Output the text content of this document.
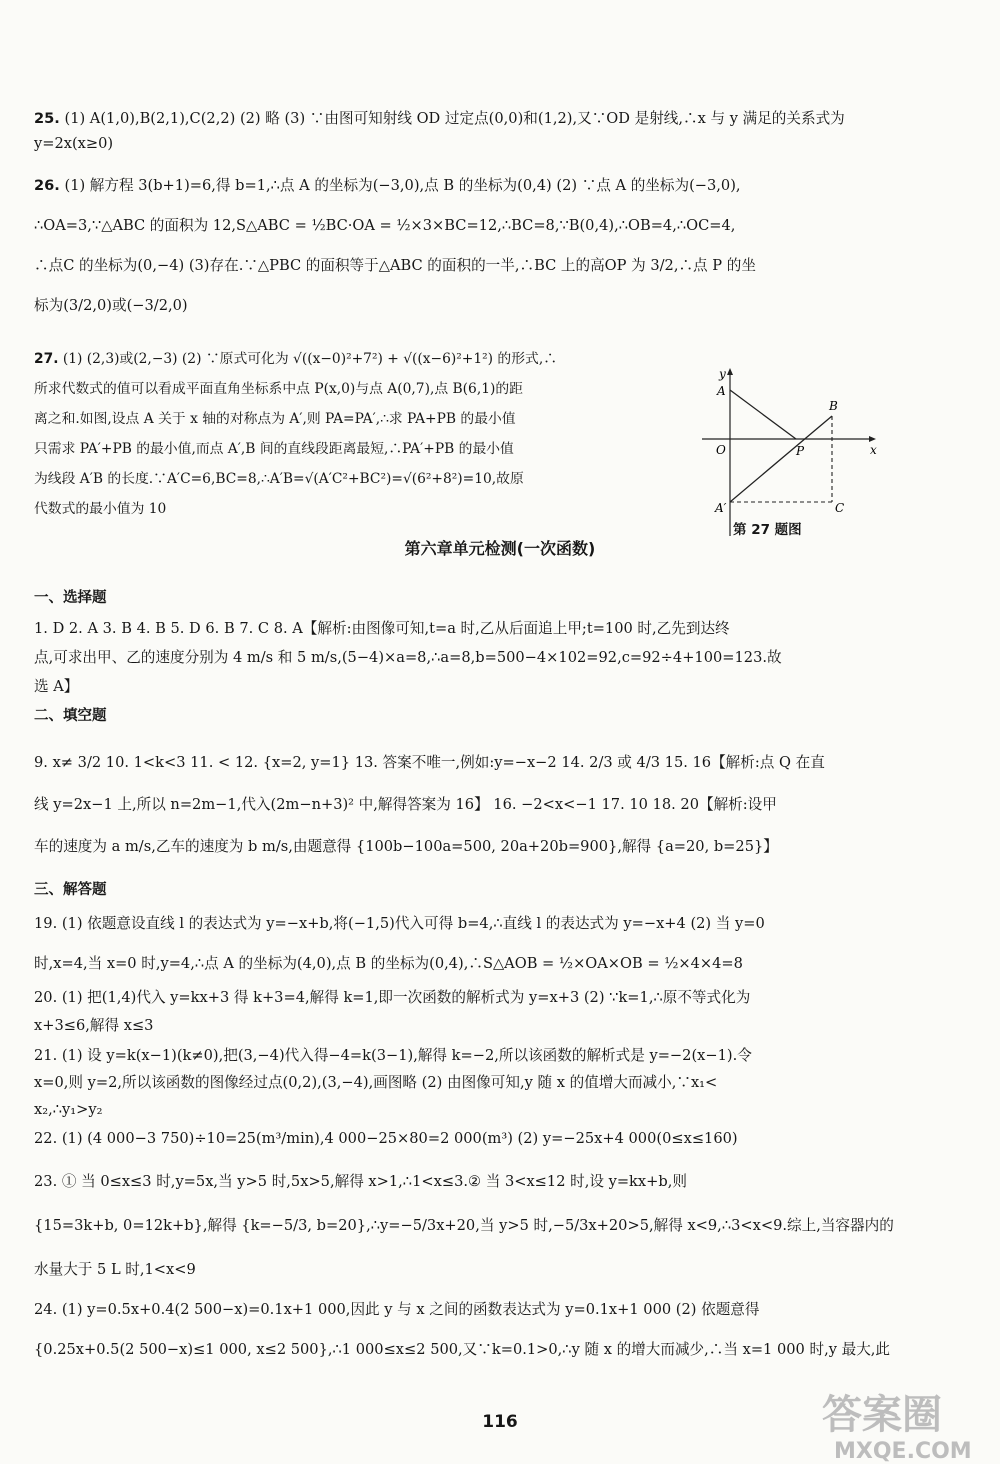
25. (1) A(1,0),B(2,1),C(2,2) (2) 略 (3) ∵由图可知射线 OD 过定点(0,0)和(1,2),又∵OD 是射线,∴x 与 y 满足的关系式为 y=2x(x≥0)
26. (1) 解方程 3(b+1)=6,得 b=1,∴点 A 的坐标为(−3,0),点 B 的坐标为(0,4) (2) ∵点 A 的坐标为(−3,0),
∴OA=3,∵△ABC 的面积为 12,S△ABC = ½BC·OA = ½×3×BC=12,∴BC=8,∵B(0,4),∴OB=4,∴OC=4,
∴点C 的坐标为(0,−4) (3)存在.∵△PBC 的面积等于△ABC 的面积的一半,∴BC 上的高OP 为 3/2,∴点 P 的坐
标为(3/2,0)或(−3/2,0)
27. (1) (2,3)或(2,−3) (2) ∵原式可化为 √((x−0)²+7²) + √((x−6)²+1²) 的形式,∴
所求代数式的值可以看成平面直角坐标系中点 P(x,0)与点 A(0,7),点 B(6,1)的距
离之和.如图,设点 A 关于 x 轴的对称点为 A′,则 PA=PA′,∴求 PA+PB 的最小值
只需求 PA′+PB 的最小值,而点 A′,B 间的直线段距离最短,∴PA′+PB 的最小值
为线段 A′B 的长度.∵A′C=6,BC=8,∴A′B=√(A′C²+BC²)=√(6²+8²)=10,故原
代数式的最小值为 10
y
x
O
A
B
P
A′	C
第 27 题图
第六章单元检测(一次函数)
一、选择题
1. D 2. A 3. B 4. B 5. D 6. B 7. C 8. A【解析:由图像可知,t=a 时,乙从后面追上甲;t=100 时,乙先到达终
点,可求出甲、乙的速度分别为 4 m/s 和 5 m/s,(5−4)×a=8,∴a=8,b=500−4×102=92,c=92÷4+100=123.故
选 A】
二、填空题
9. x≠ 3/2 10. 1<k<3 11. < 12. {x=2, y=1} 13. 答案不唯一,例如:y=−x−2 14. 2/3 或 4/3 15. 16【解析:点 Q 在直
线 y=2x−1 上,所以 n=2m−1,代入(2m−n+3)² 中,解得答案为 16】 16. −2<x<−1 17. 10 18. 20【解析:设甲
车的速度为 a m/s,乙车的速度为 b m/s,由题意得 {100b−100a=500, 20a+20b=900},解得 {a=20, b=25}】
三、解答题
19. (1) 依题意设直线 l 的表达式为 y=−x+b,将(−1,5)代入可得 b=4,∴直线 l 的表达式为 y=−x+4 (2) 当 y=0
时,x=4,当 x=0 时,y=4,∴点 A 的坐标为(4,0),点 B 的坐标为(0,4),∴S△AOB = ½×OA×OB = ½×4×4=8
20. (1) 把(1,4)代入 y=kx+3 得 k+3=4,解得 k=1,即一次函数的解析式为 y=x+3 (2) ∵k=1,∴原不等式化为
x+3≤6,解得 x≤3
21. (1) 设 y=k(x−1)(k≠0),把(3,−4)代入得−4=k(3−1),解得 k=−2,所以该函数的解析式是 y=−2(x−1).令
x=0,则 y=2,所以该函数的图像经过点(0,2),(3,−4),画图略 (2) 由图像可知,y 随 x 的值增大而减小,∵x₁<
x₂,∴y₁>y₂
22. (1) (4 000−3 750)÷10=25(m³/min),4 000−25×80=2 000(m³) (2) y=−25x+4 000(0≤x≤160)
23. ① 当 0≤x≤3 时,y=5x,当 y>5 时,5x>5,解得 x>1,∴1<x≤3.② 当 3<x≤12 时,设 y=kx+b,则
{15=3k+b, 0=12k+b},解得 {k=−5/3, b=20},∴y=−5/3x+20,当 y>5 时,−5/3x+20>5,解得 x<9,∴3<x<9.综上,当容器内的
水量大于 5 L 时,1<x<9
24. (1) y=0.5x+0.4(2 500−x)=0.1x+1 000,因此 y 与 x 之间的函数表达式为 y=0.1x+1 000 (2) 依题意得
{0.25x+0.5(2 500−x)≤1 000, x≤2 500},∴1 000≤x≤2 500,又∵k=0.1>0,∴y 随 x 的增大而减少,∴当 x=1 000 时,y 最大,此
116	答案圈
MXQE.COM
